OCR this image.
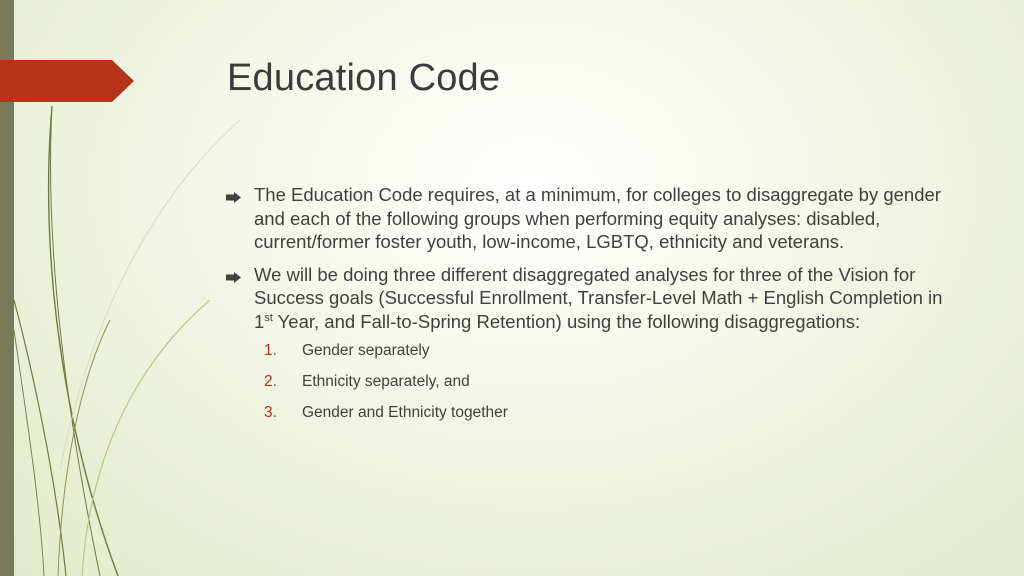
Education Code
The Education Code requires, at a minimum, for colleges to disaggregate by gender and each of the following groups when performing equity analyses: disabled, current/former foster youth, low-income, LGBTQ, ethnicity and veterans.
We will be doing three different disaggregated analyses for three of the Vision for Success goals (Successful Enrollment, Transfer-Level Math + English Completion in 1st Year, and Fall-to-Spring Retention) using the following disaggregations:
1.	Gender separately
2.	Ethnicity separately, and
3.	Gender and Ethnicity together
